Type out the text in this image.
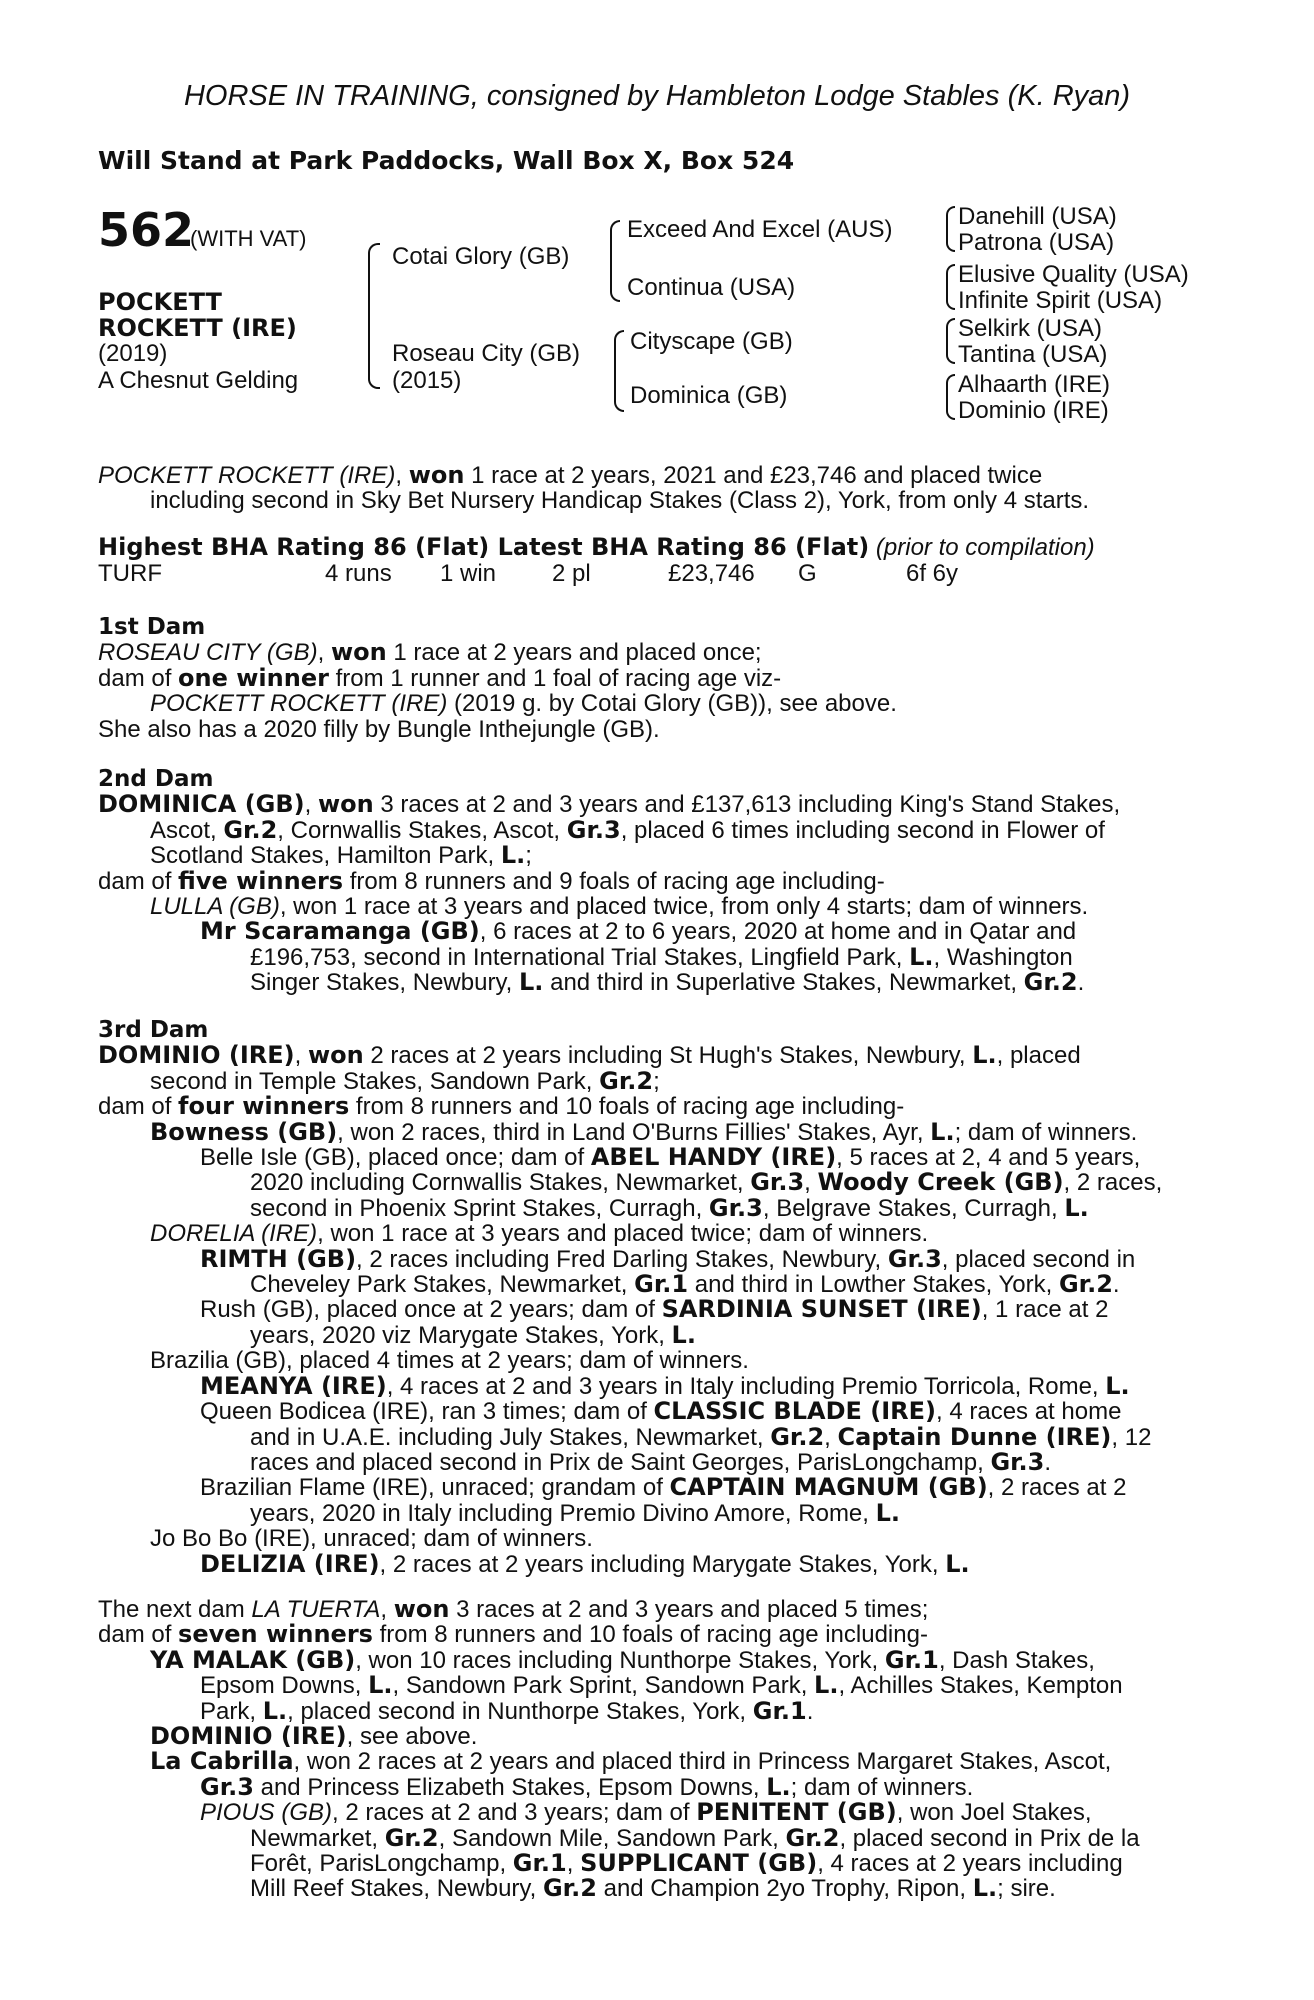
HORSE IN TRAINING, consigned by Hambleton Lodge Stables (K. Ryan)
Will Stand at Park Paddocks, Wall Box X, Box 524
562
(WITH VAT)
POCKETT
ROCKETT (IRE)
(2019)
A Chesnut Gelding
Cotai Glory (GB)
Roseau City (GB)
(2015)
Exceed And Excel (AUS)
Continua (USA)
Cityscape (GB)
Dominica (GB)
Danehill (USA)
Patrona (USA)
Elusive Quality (USA)
Infinite Spirit (USA)
Selkirk (USA)
Tantina (USA)
Alhaarth (IRE)
Dominio (IRE)

POCKETT ROCKETT (IRE), won 1 race at 2 years, 2021 and £23,746 and placed twice

including second in Sky Bet Nursery Handicap Stakes (Class 2), York, from only 4 starts.

Highest BHA Rating 86 (Flat) Latest BHA Rating 86 (Flat) (prior to compilation)
TURF	4 runs 1 win 2 pl	£23,746 G	6f 6y

1st Dam

ROSEAU CITY (GB), won 1 race at 2 years and placed once;

dam of one winner from 1 runner and 1 foal of racing age viz-

POCKETT ROCKETT (IRE) (2019 g. by Cotai Glory (GB)), see above.

She also has a 2020 filly by Bungle Inthejungle (GB).

2nd Dam

DOMINICA (GB), won 3 races at 2 and 3 years and £137,613 including King's Stand Stakes,

Ascot, Gr.2, Cornwallis Stakes, Ascot, Gr.3, placed 6 times including second in Flower of

Scotland Stakes, Hamilton Park, L.;

dam of five winners from 8 runners and 9 foals of racing age including-

LULLA (GB), won 1 race at 3 years and placed twice, from only 4 starts; dam of winners.

Mr Scaramanga (GB), 6 races at 2 to 6 years, 2020 at home and in Qatar and

£196,753, second in International Trial Stakes, Lingfield Park, L., Washington

Singer Stakes, Newbury, L. and third in Superlative Stakes, Newmarket, Gr.2.

3rd Dam

DOMINIO (IRE), won 2 races at 2 years including St Hugh's Stakes, Newbury, L., placed

second in Temple Stakes, Sandown Park, Gr.2;

dam of four winners from 8 runners and 10 foals of racing age including-

Bowness (GB), won 2 races, third in Land O'Burns Fillies' Stakes, Ayr, L.; dam of winners.

Belle Isle (GB), placed once; dam of ABEL HANDY (IRE), 5 races at 2, 4 and 5 years,

2020 including Cornwallis Stakes, Newmarket, Gr.3, Woody Creek (GB), 2 races,

second in Phoenix Sprint Stakes, Curragh, Gr.3, Belgrave Stakes, Curragh, L.

DORELIA (IRE), won 1 race at 3 years and placed twice; dam of winners.

RIMTH (GB), 2 races including Fred Darling Stakes, Newbury, Gr.3, placed second in

Cheveley Park Stakes, Newmarket, Gr.1 and third in Lowther Stakes, York, Gr.2.

Rush (GB), placed once at 2 years; dam of SARDINIA SUNSET (IRE), 1 race at 2

years, 2020 viz Marygate Stakes, York, L.

Brazilia (GB), placed 4 times at 2 years; dam of winners.

MEANYA (IRE), 4 races at 2 and 3 years in Italy including Premio Torricola, Rome, L.

Queen Bodicea (IRE), ran 3 times; dam of CLASSIC BLADE (IRE), 4 races at home

and in U.A.E. including July Stakes, Newmarket, Gr.2, Captain Dunne (IRE), 12

races and placed second in Prix de Saint Georges, ParisLongchamp, Gr.3.

Brazilian Flame (IRE), unraced; grandam of CAPTAIN MAGNUM (GB), 2 races at 2

years, 2020 in Italy including Premio Divino Amore, Rome, L.

Jo Bo Bo (IRE), unraced; dam of winners.

DELIZIA (IRE), 2 races at 2 years including Marygate Stakes, York, L.

The next dam LA TUERTA, won 3 races at 2 and 3 years and placed 5 times;

dam of seven winners from 8 runners and 10 foals of racing age including-

YA MALAK (GB), won 10 races including Nunthorpe Stakes, York, Gr.1, Dash Stakes,

Epsom Downs, L., Sandown Park Sprint, Sandown Park, L., Achilles Stakes, Kempton

Park, L., placed second in Nunthorpe Stakes, York, Gr.1.

DOMINIO (IRE), see above.

La Cabrilla, won 2 races at 2 years and placed third in Princess Margaret Stakes, Ascot,

Gr.3 and Princess Elizabeth Stakes, Epsom Downs, L.; dam of winners.

PIOUS (GB), 2 races at 2 and 3 years; dam of PENITENT (GB), won Joel Stakes,

Newmarket, Gr.2, Sandown Mile, Sandown Park, Gr.2, placed second in Prix de la

Forêt, ParisLongchamp, Gr.1, SUPPLICANT (GB), 4 races at 2 years including

Mill Reef Stakes, Newbury, Gr.2 and Champion 2yo Trophy, Ripon, L.; sire.
